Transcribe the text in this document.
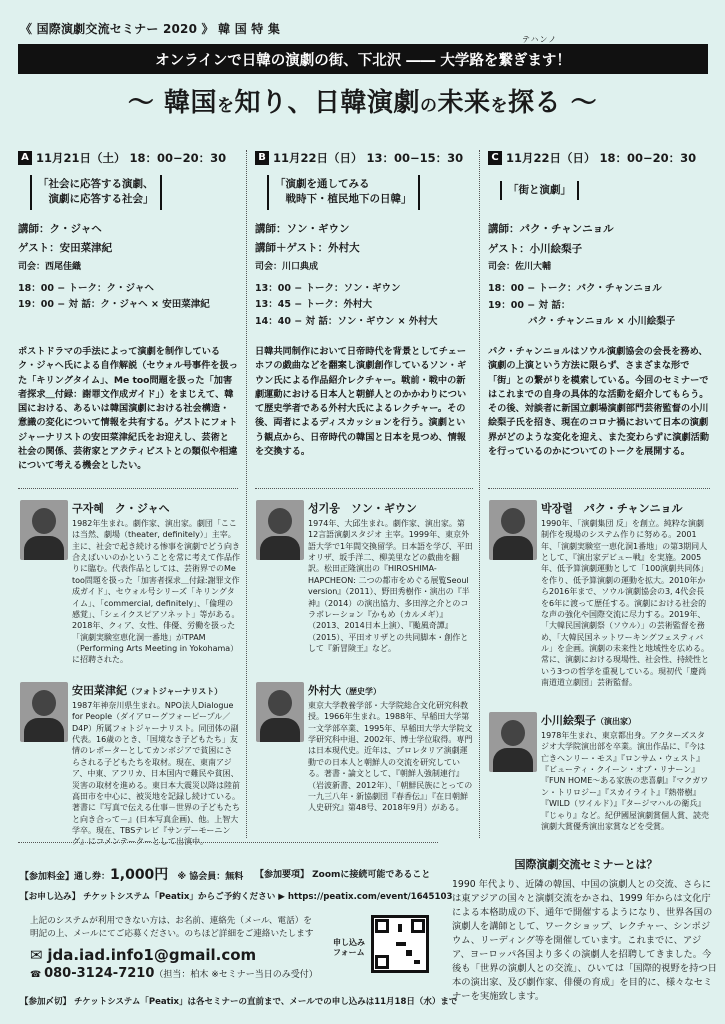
《 国際演劇交流セミナー 2020 》 韓 国 特 集
テハンノ
オンラインで日韓の演劇の街、下北沢 ―― 大学路を繋ぎます！
〜 韓国を知り、日韓演劇の未来を探る 〜
A 11月21日（土） 18：00−20：30
「社会に応答する演劇、
　演劇に応答する社会」
講師：ク・ジャヘ
ゲスト：安田菜津紀
司会：西尾佳織
18：00 − トーク：ク・ジャヘ
19：00 − 対 話：ク・ジャヘ × 安田菜津紀
B 11月22日（日） 13：00−15：30
「演劇を通してみる
　戦時下・植民地下の日韓」
講師：ソン・ギウン
講師＋ゲスト：外村大
司会：川口典成
13：00 − トーク：ソン・ギウン
13：45 − トーク：外村大
14：40 − 対 話：ソン・ギウン × 外村大
C 11月22日（日） 18：00−20：30
「街と演劇」
講師：パク・チャンニョル
ゲスト：小川絵梨子
司会：佐川大輔
18：00 − トーク：パク・チャンニョル
19：00 − 対 話：
パク・チャンニョル × 小川絵梨子
ポストドラマの手法によって演劇を制作しているク・ジャヘ氏による自作解説（セウォル号事件を扱った「キリングタイム」、Me too問題を扱った「加害者探求＿付録：謝罪文作成ガイド」）をまじえて、韓国における、あるいは韓国演劇における社会構造・意識の変化について情報を共有する。ゲストにフォトジャーナリストの安田菜津紀氏をお迎えし、芸術と社会の関係、芸術家とアクティビストとの類似や相違について考える機会としたい。
日韓共同制作において日帝時代を背景としてチェーホフの戯曲などを翻案し演劇創作しているソン・ギウン氏による作品紹介レクチャー。戦前・戦中の新劇運動における日本人と朝鮮人とのかかわりについて歴史学者である外村大氏によるレクチャー。その後、両者によるディスカッションを行う。演劇という観点から、日帝時代の韓国と日本を見つめ、情報を交換する。
パク・チャンニョルはソウル演劇協会の会長を務め、演劇の上演という方法に限らず、さまざまな形で「街」との繋がりを模索している。今回のセミナーではこれまでの自身の具体的な活動を紹介してもらう。その後、対談者に新国立劇場演劇部門芸術監督の小川絵梨子氏を招き、現在のコロナ禍において日本の演劇界がどのような変化を迎え、また変わらずに演劇活動を行っているのかについてのトークを展開する。
구자혜　ク・ジャヘ
1982年生まれ。劇作家、演出家。劇団「ここは当然、劇場（theater, definitely）」主宰。主に、社会で起き続ける惨事を演劇でどう向き合えばいいのかということを常に考えて作品作りに臨む。代表作品としては、芸術界でのMe too問題を扱った「加害者探求＿付録:謝罪文作成ガイド」、セウォル号シリーズ「キリングタイム」、「commercial, definitely」、「倫理の感覚」、「シェイクスピアソネット」等がある。2018年、クィア、女性、俳優、労働を扱った「演劇実験室恵化洞一番地」がTPAM（Performing Arts Meeting in Yokohama）に招聘された。
安田菜津紀（フォトジャーナリスト）
1987年神奈川県生まれ。NPO法人Dialogue for People（ダイアローグフォーピープル／D4P）所属フォトジャーナリスト。同団体の副代表。16歳のとき、「国境なき子どもたち」友情のレポーターとしてカンボジアで貧困にさらされる子どもたちを取材。現在、東南アジア、中東、アフリカ、日本国内で難民や貧困、災害の取材を進める。東日本大震災以降は陸前高田市を中心に、被災地を記録し続けている。著書に『写真で伝える仕事－世界の子どもたちと向き合って－』(日本写真企画)、他。上智大学卒。現在、TBSテレビ『サンデーモーニング』にコメンテーターとして出演中。
성기웅　ソン・ギウン
1974年、大邱生まれ。劇作家、演出家。第12言語演劇スタジオ 主宰。1999年、東京外語大学で1年間交換留学。日本語を学び、平田オリザ、坂手洋二、柳美里などの戯曲を翻訳。松田正隆演出の『HIROSHIMA-HAPCHEON: 二つの都市をめぐる展覧Seoul version』（2011）、野田秀樹作・演出の『半神』（2014）の演出協力、多田淳之介とのコラボレーション『かもめ（カルメギ）』（2013、2014日本上演）、『颱風奇譚』（2015）、平田オリザとの共同脚本・創作として『新冒険王』など。
外村大（歴史学）
東京大学教養学部・大学院総合文化研究科教授。1966年生まれ。1988年、早稲田大学第一文学部卒業、1995年、早稲田大学大学院文学研究科中退、2002年、博士学位取得。専門は日本現代史。近年は、プロレタリア演劇運動での日本人と朝鮮人の交流を研究している。著書・論文として、『朝鮮人強制連行』（岩波新書、2012年）、「朝鮮民族にとっての一九三八年・新協劇団『春香伝』」『在日朝鮮人史研究』第48号、2018年9月）がある。
박장렬　パク・チャンニョル
1990年、「演劇集団 反」を創立。純粋な演劇制作を現場のシステム作りに努める。2001年、「演劇実験室一恵化洞1番地」の第3期同人として、『演出家デビュー戦』を実施。2005年、低予算演劇運動として「100演劇共同体」を作り、低予算演劇の運動を拡大。2010年から2016年まで、ソウル演劇協会の3, 4代会長を6年に渡って歴任する。演劇における社会的な声の強化や国際交流に尽力する。2019年、「大韓民国演劇祭（ソウル）」の芸術監督を務め、「大韓民国ネットワーキングフェスティバル」を企画。演劇の未来性と地域性を広める。常に、演劇における現場性、社会性、持続性という3つの哲学を重視している。現初代「慶尚南道道立劇団」芸術監督。
小川絵梨子（演出家）
1978年生まれ、東京都出身。アクターズスタジオ大学院演出部を卒業。演出作品に、『今は亡きヘンリー・モス』『ロンサム・ウェスト』『ビューティ・クイーン・オブ・リナーン』『FUN HOME〜ある家族の悲喜劇』『マクガワン・トリロジー』『スカイライト』『熱帯樹』『WILD（ワイルド）』『タージマハルの衛兵』『じゃり』など。紀伊國屋演劇賞個人賞、読売演劇大賞優秀演出家賞などを受賞。
【参加料金】通し券：1,000円　 ※ 協会員：無料 【参加要項】 Zoomに接続可能であること
【お申し込み】 チケットシステム「Peatix」からご予約ください ▶ https://peatix.com/event/1645103
上記のシステムが利用できない方は、お名前、連絡先（メール、電話）を
明記の上、メールにてご応募ください。のちほど詳細をご連絡いたします
✉ jda.iad.info1@gmail.com
☎ 080-3124-7210（担当：柏木 ※セミナー当日のみ受付）
申し込み
フォーム
【参加〆切】 チケットシステム「Peatix」は各セミナーの直前まで、メールでの申し込みは11月18日（水）まで
国際演劇交流セミナーとは？
1990 年代より、近隣の韓国、中国の演劇人との交流、さらには東アジアの国々と演劇交流をかさね、1999 年からは文化庁による本格助成の下、通年で開催するようになり、世界各国の演劇人を講師として、ワークショップ、レクチャー、シンポジウム、リーディング等を開催しています。これまでに、アジア、ヨーロッパ各国より多くの演劇人を招聘してきました。今後も「世界の演劇人との交流」、ひいては「国際的視野を持つ日本の演出家、及び劇作家、俳優の育成」を目的に、様々なセミナーを実施致します。
